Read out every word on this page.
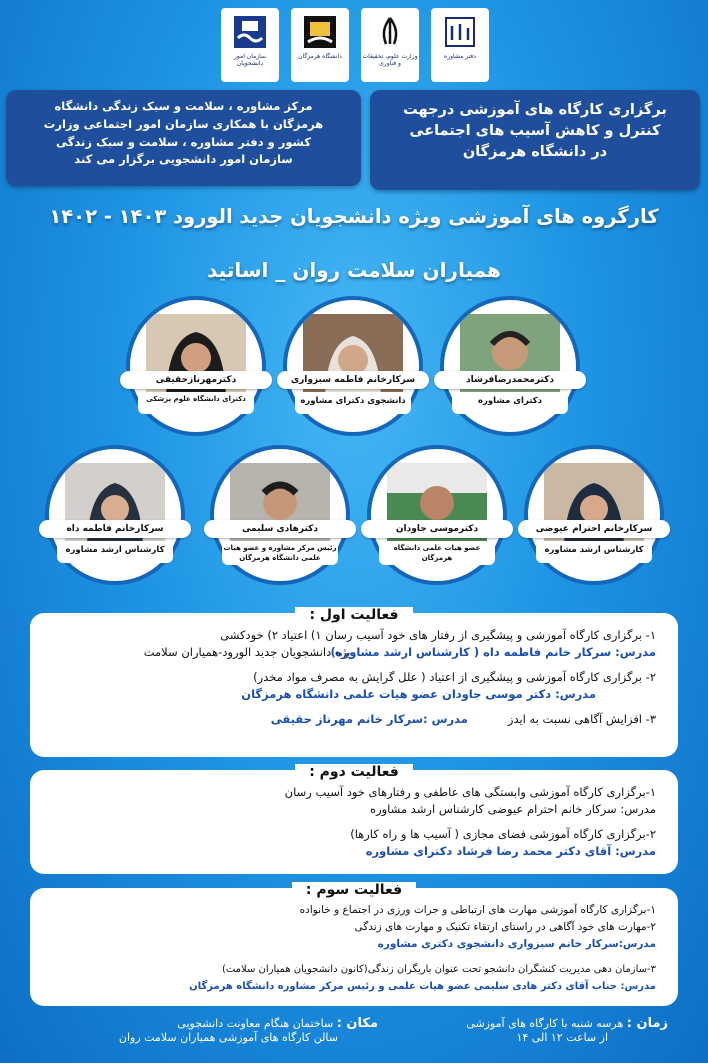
سازمان امور دانشجویان
دانشگاه هرمزگان	وزارت علوم، تحقیقات و فناوری
دفتر مشاوره
برگزاری کارگاه های آموزشی درجهت
کنترل و کاهش آسیب های اجتماعی
در دانشگاه هرمزگان
مرکز مشاوره ، سلامت و سبک زندگی دانشگاه
هرمزگان با همکاری سازمان امور اجتماعی وزارت
کشور و دفتر مشاوره ، سلامت و سبک زندگی
سازمان امور دانشجویی برگزار می کند
کارگروه های آموزشی ویژه دانشجویان جدید الورود ۱۴۰۳ - ۱۴۰۲
همیاران سلامت روان _ اساتید
دکترمحمدرضافرشاد
دکترای مشاوره
سرکارخانم فاطمه سبزواری
دانشجوی دکترای مشاوره
دکترمهرنازحقیقی
دکترای دانشگاه علوم پزشکی
سرکارخانم احترام عیوضی
کارشناس ارشد مشاوره
دکترموسی جاودان
عضو هیات علمی دانشگاه هرمزگان
دکترهادی سلیمی
رئیس مرکز مشاوره و عضو هیات علمی دانشگاه هرمزگان
سرکارخانم فاطمه داه
کارشناس ارشد مشاوره
فعالیت اول :
۱- برگزاری کارگاه آموزشی و پیشگیری از رفتار های خود آسیب رسان ۱) اعتیاد ۲) خودکشی
ویژه دانشجویان جدید الورود-همیاران سلامت
مدرس: سرکار خانم فاطمه داه ( کارشناس ارشد مشاوره)
۲- برگزاری کارگاه آموزشی و پیشگیری از اعتیاد ( علل گرایش به مصرف مواد مخدر)
مدرس: دکتر موسی جاودان عضو هیات علمی دانشگاه هرمزگان
۳- افزایش آگاهی نسبت به ایدز
مدرس :سرکار خانم مهرناز حقیقی
فعالیت دوم :
۱-برگزاری کارگاه آموزشی وابستگی های عاطفی و رفتارهای خود آسیب رسان
مدرس: سرکار خانم احترام عیوضی کارشناس ارشد مشاوره
۲-برگزاری کارگاه آموزشی فضای مجازی ( آسیب ها و راه کارها)
مدرس: آقای دکتر محمد رضا فرشاد دکترای مشاوره
فعالیت سوم :
۱-برگزاری کارگاه آموزشی مهارت های ارتباطی و جرات ورزی در اجتماع و خانواده
۲-مهارت های خود آگاهی در راستای ارتقاء تکنیک و مهارت های زندگی
مدرس:سرکار خانم سبزواری دانشجوی دکتری مشاوره
۳-سازمان دهی مدیریت کنشگران دانشجو تحت عنوان باریگران زندگی(کانون دانشجویان همیاران سلامت)
مدرس: جناب آقای دکتر هادی سلیمی عضو هیات علمی و رئیس مرکز مشاوره دانشگاه هرمزگان
زمان : هرسه شنبه با کارگاه های آموزشی
از ساعت ۱۲ الی ۱۴
مکان : ساختمان هنگام معاونت دانشجویی
سالن کارگاه های آموزشی همیاران سلامت روان
